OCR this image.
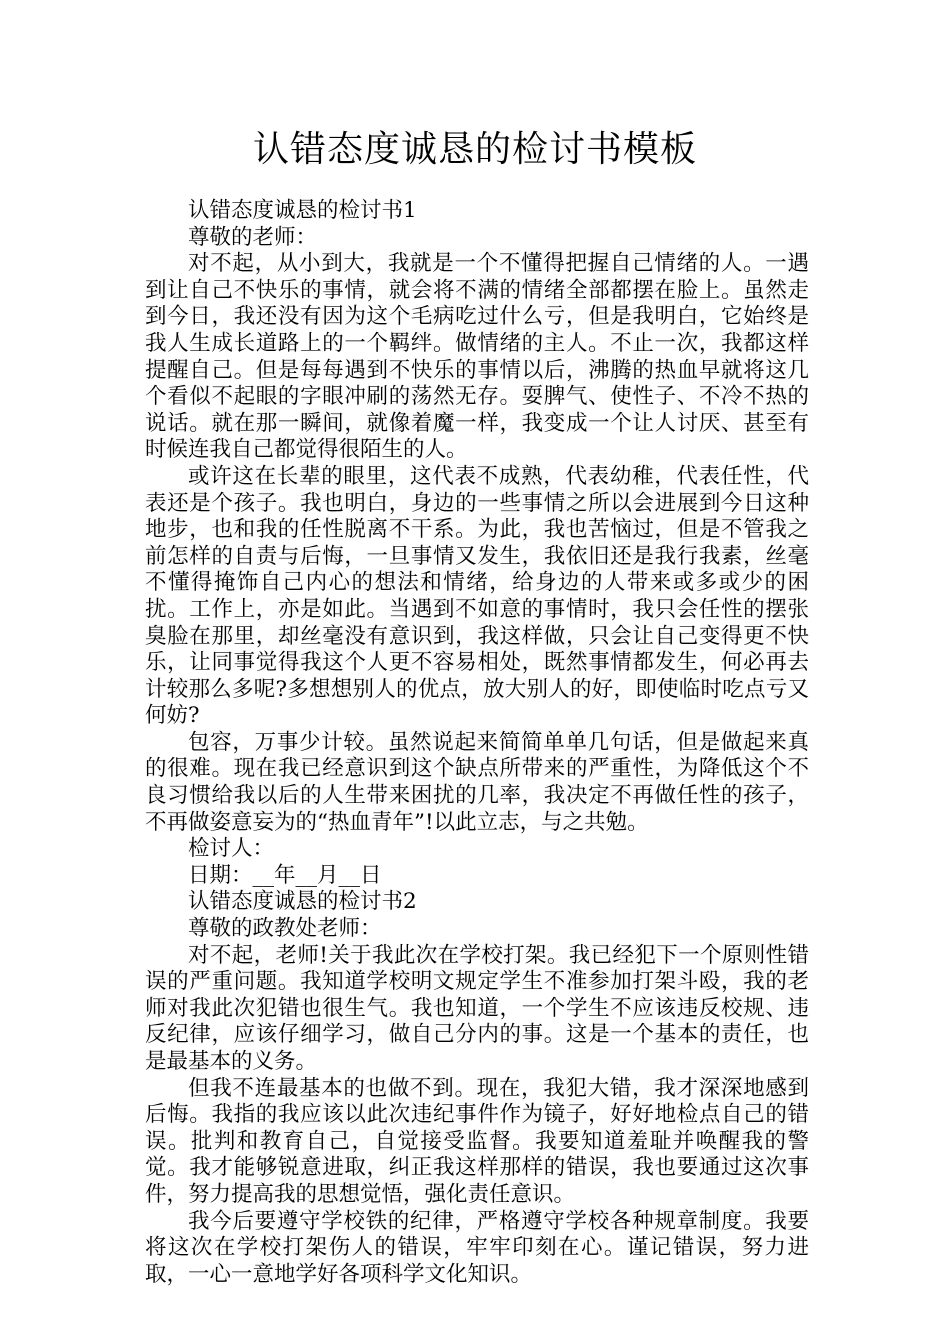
认错态度诚恳的检讨书模板

认错态度诚恳的检讨书1

尊敬的老师：

对不起，从小到大，我就是一个不懂得把握自己情绪的人。一遇到让自己不快乐的事情，就会将不满的情绪全部都摆在脸上。虽然走到今日，我还没有因为这个毛病吃过什么亏，但是我明白，它始终是我人生成长道路上的一个羁绊。做情绪的主人。不止一次，我都这样提醒自己。但是每每遇到不快乐的事情以后，沸腾的热血早就将这几个看似不起眼的字眼冲刷的荡然无存。耍脾气、使性子、不冷不热的说话。就在那一瞬间，就像着魔一样，我变成一个让人讨厌、甚至有时候连我自己都觉得很陌生的人。

或许这在长辈的眼里，这代表不成熟，代表幼稚，代表任性，代表还是个孩子。我也明白，身边的一些事情之所以会进展到今日这种地步，也和我的任性脱离不干系。为此，我也苦恼过，但是不管我之前怎样的自责与后悔，一旦事情又发生，我依旧还是我行我素，丝毫不懂得掩饰自己内心的想法和情绪，给身边的人带来或多或少的困扰。工作上，亦是如此。当遇到不如意的事情时，我只会任性的摆张臭脸在那里，却丝毫没有意识到，我这样做，只会让自己变得更不快乐，让同事觉得我这个人更不容易相处，既然事情都发生，何必再去计较那么多呢?多想想别人的优点，放大别人的好，即使临时吃点亏又何妨?

包容，万事少计较。虽然说起来简简单单几句话，但是做起来真的很难。现在我已经意识到这个缺点所带来的严重性，为降低这个不良习惯给我以后的人生带来困扰的几率，我决定不再做任性的孩子，不再做姿意妄为的“热血青年”!以此立志，与之共勉。

检讨人：

日期：__年__月__日

认错态度诚恳的检讨书2

尊敬的政教处老师：

对不起，老师!关于我此次在学校打架。我已经犯下一个原则性错误的严重问题。我知道学校明文规定学生不准参加打架斗殴，我的老师对我此次犯错也很生气。我也知道，一个学生不应该违反校规、违反纪律，应该仔细学习，做自己分内的事。这是一个基本的责任，也是最基本的义务。

但我不连最基本的也做不到。现在，我犯大错，我才深深地感到后悔。我指的我应该以此次违纪事件作为镜子，好好地检点自己的错误。批判和教育自己，自觉接受监督。我要知道羞耻并唤醒我的警觉。我才能够锐意进取，纠正我这样那样的错误，我也要通过这次事件，努力提高我的思想觉悟，强化责任意识。

我今后要遵守学校铁的纪律，严格遵守学校各种规章制度。我要将这次在学校打架伤人的错误，牢牢印刻在心。谨记错误，努力进取，一心一意地学好各项科学文化知识。
